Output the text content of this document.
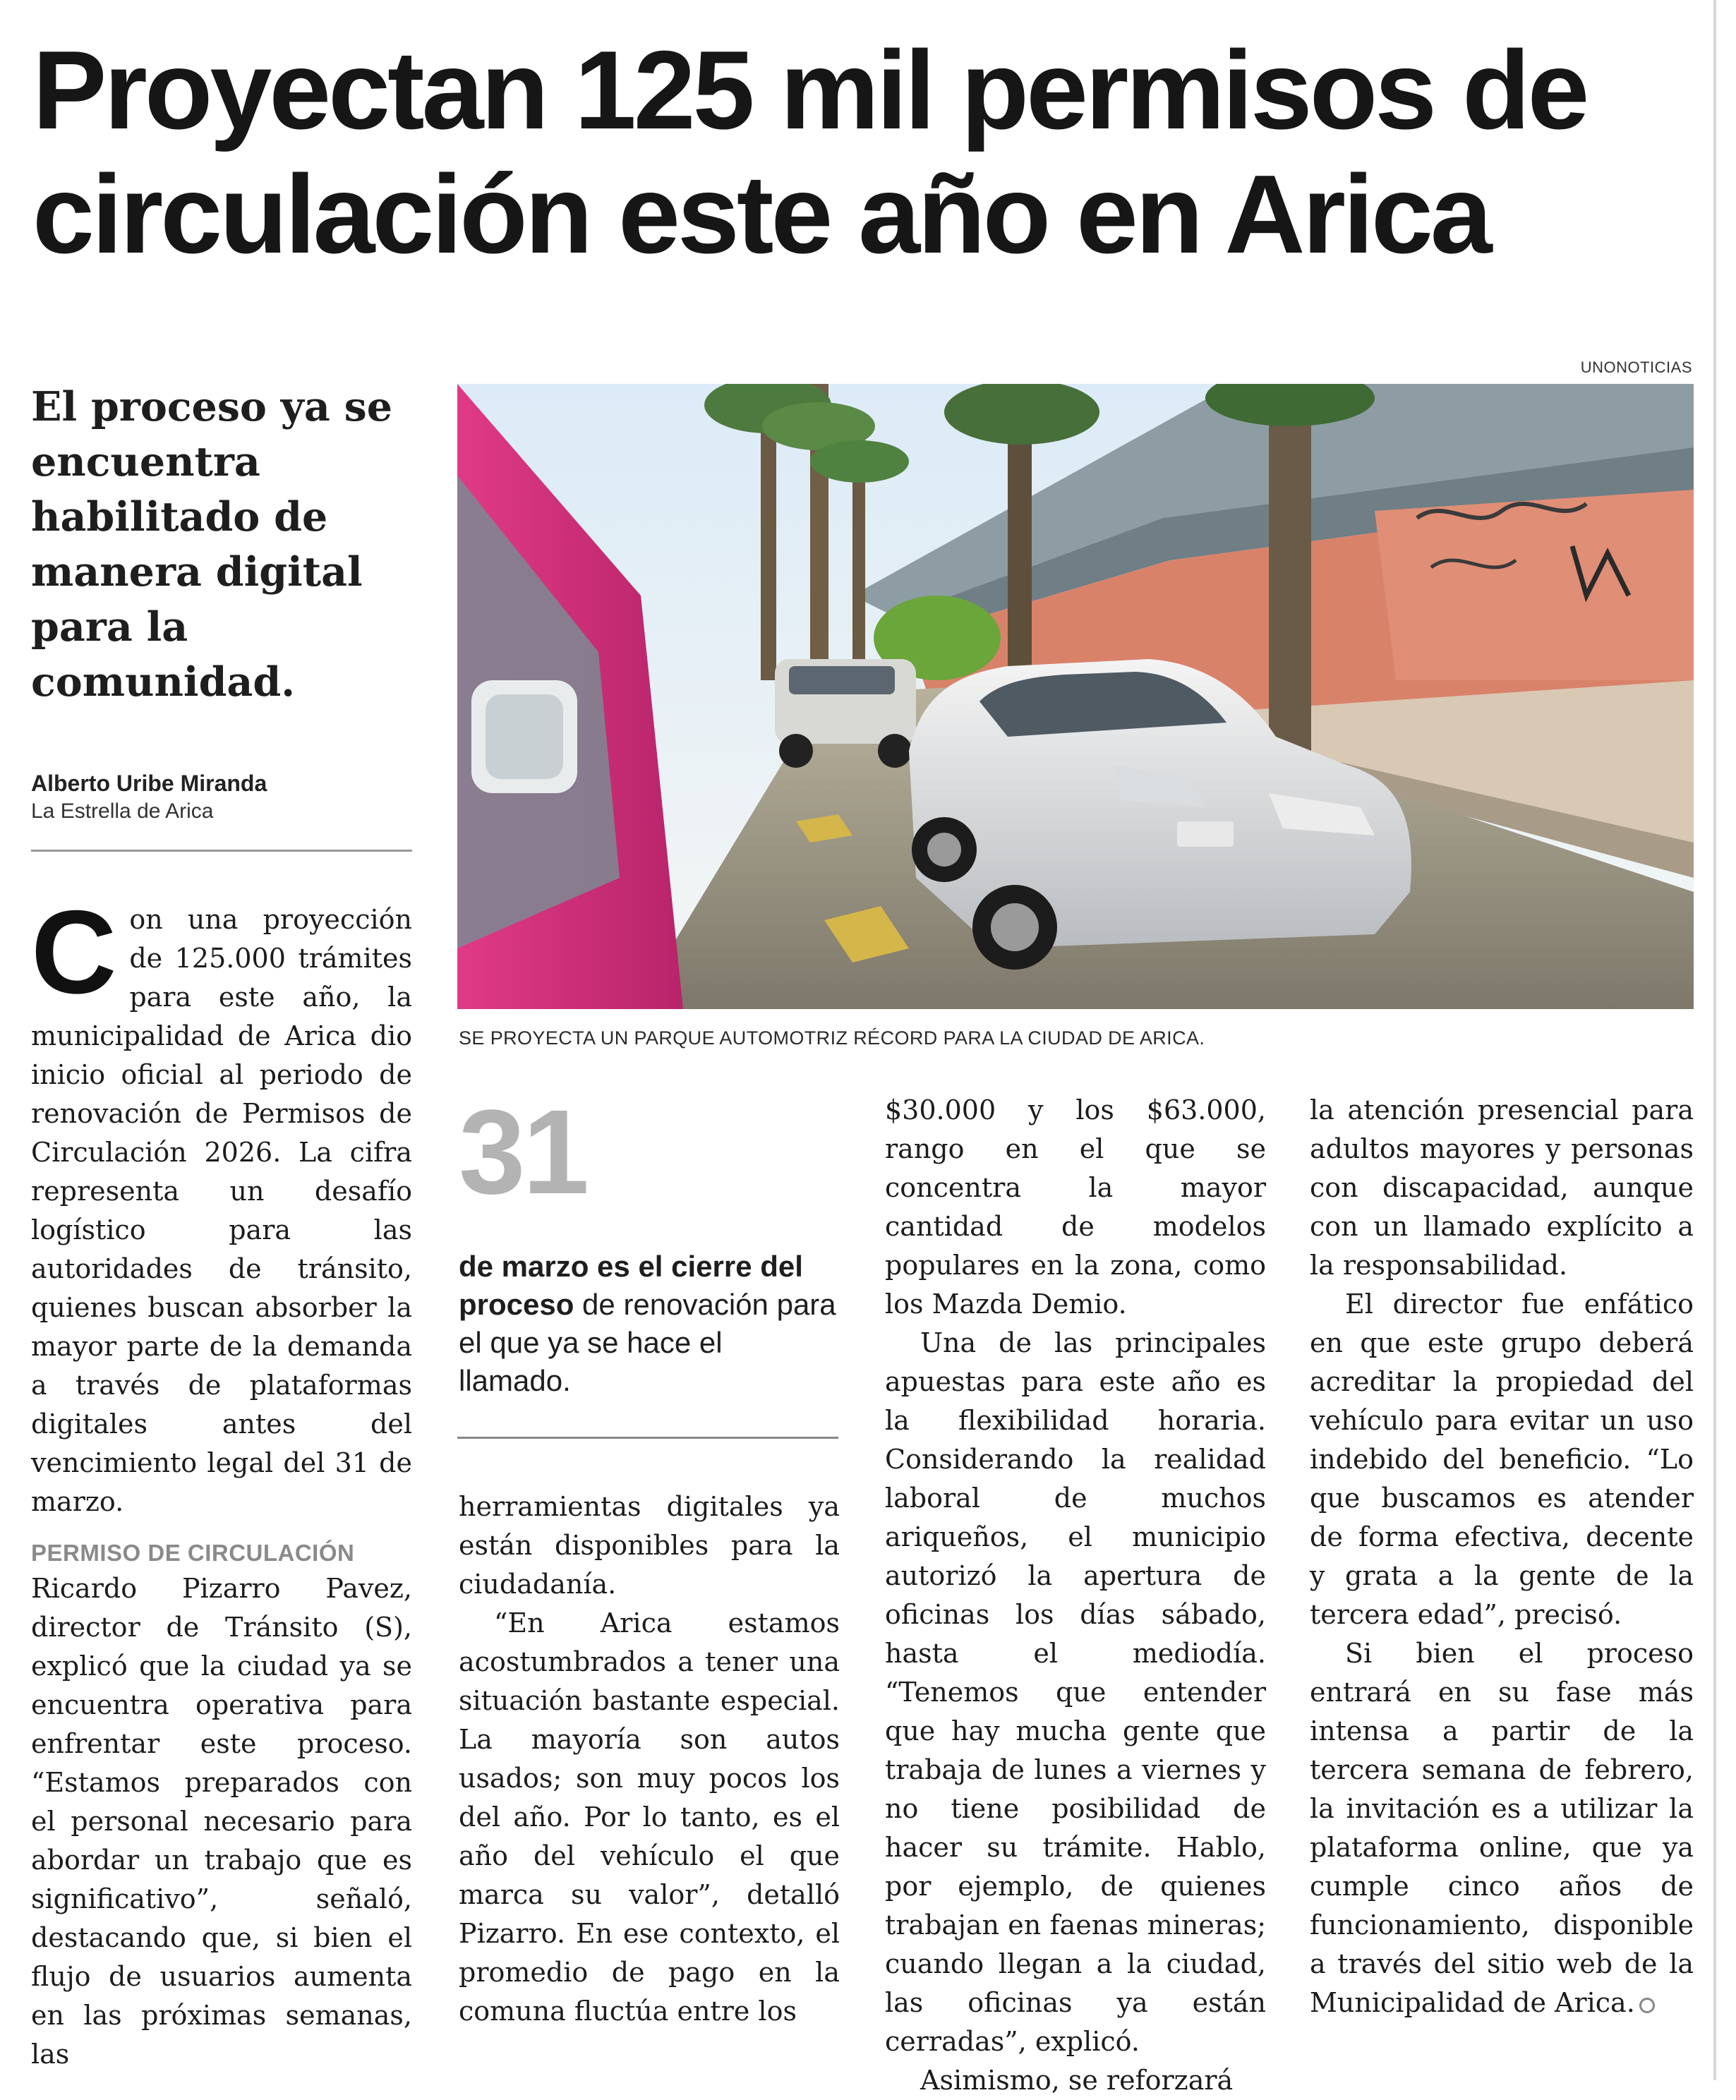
Proyectan 125 mil permisos de circulación este año en Arica
UNONOTICIAS
El proceso ya se encuentra habilitado de manera digital para la comunidad.
Alberto Uribe Miranda
La Estrella de Arica
SE PROYECTA UN PARQUE AUTOMOTRIZ RÉCORD PARA LA CIUDAD DE ARICA.

Con una proyección de 125.000 trámites para este año, la municipalidad de Arica dio inicio oficial al periodo de renovación de Permisos de Circulación 2026. La cifra representa un desafío logístico para las autoridades de tránsito, quienes buscan absorber la mayor parte de la demanda a través de plataformas digitales antes del vencimiento legal del 31 de marzo.

PERMISO DE CIRCULACIÓN

Ricardo Pizarro Pavez, director de Tránsito (S), explicó que la ciudad ya se encuentra operativa para enfrentar este proceso. “Estamos preparados con el personal necesario para abordar un trabajo que es significativo”, señaló, destacando que, si bien el flujo de usuarios aumenta en las próximas semanas, las

31
de marzo es el cierre del proceso de renovación para el que ya se hace el llamado.

herramientas digitales ya están disponibles para la ciudadanía.

“En Arica estamos acostumbrados a tener una situación bastante especial. La mayoría son autos usados; son muy pocos los del año. Por lo tanto, es el año del vehículo el que marca su valor”, detalló Pizarro. En ese contexto, el promedio de pago en la comuna fluctúa entre los

$30.000 y los $63.000, rango en el que se concentra la mayor cantidad de modelos populares en la zona, como los Mazda Demio.

Una de las principales apuestas para este año es la flexibilidad horaria. Considerando la realidad laboral de muchos ariqueños, el municipio autorizó la apertura de oficinas los días sábado, hasta el mediodía. “Tenemos que entender que hay mucha gente que trabaja de lunes a viernes y no tiene posibilidad de hacer su trámite. Hablo, por ejemplo, de quienes trabajan en faenas mineras; cuando llegan a la ciudad, las oficinas ya están cerradas”, explicó.

Asimismo, se reforzará

la atención presencial para adultos mayores y personas con discapacidad, aunque con un llamado explícito a la responsabilidad.

El director fue enfático en que este grupo deberá acreditar la propiedad del vehículo para evitar un uso indebido del beneficio. “Lo que buscamos es atender de forma efectiva, decente y grata a la gente de la tercera edad”, precisó.

Si bien el proceso entrará en su fase más intensa a partir de la tercera semana de febrero, la invitación es a utilizar la plataforma online, que ya cumple cinco años de funcionamiento, disponible a través del sitio web de la Municipalidad de Arica.
